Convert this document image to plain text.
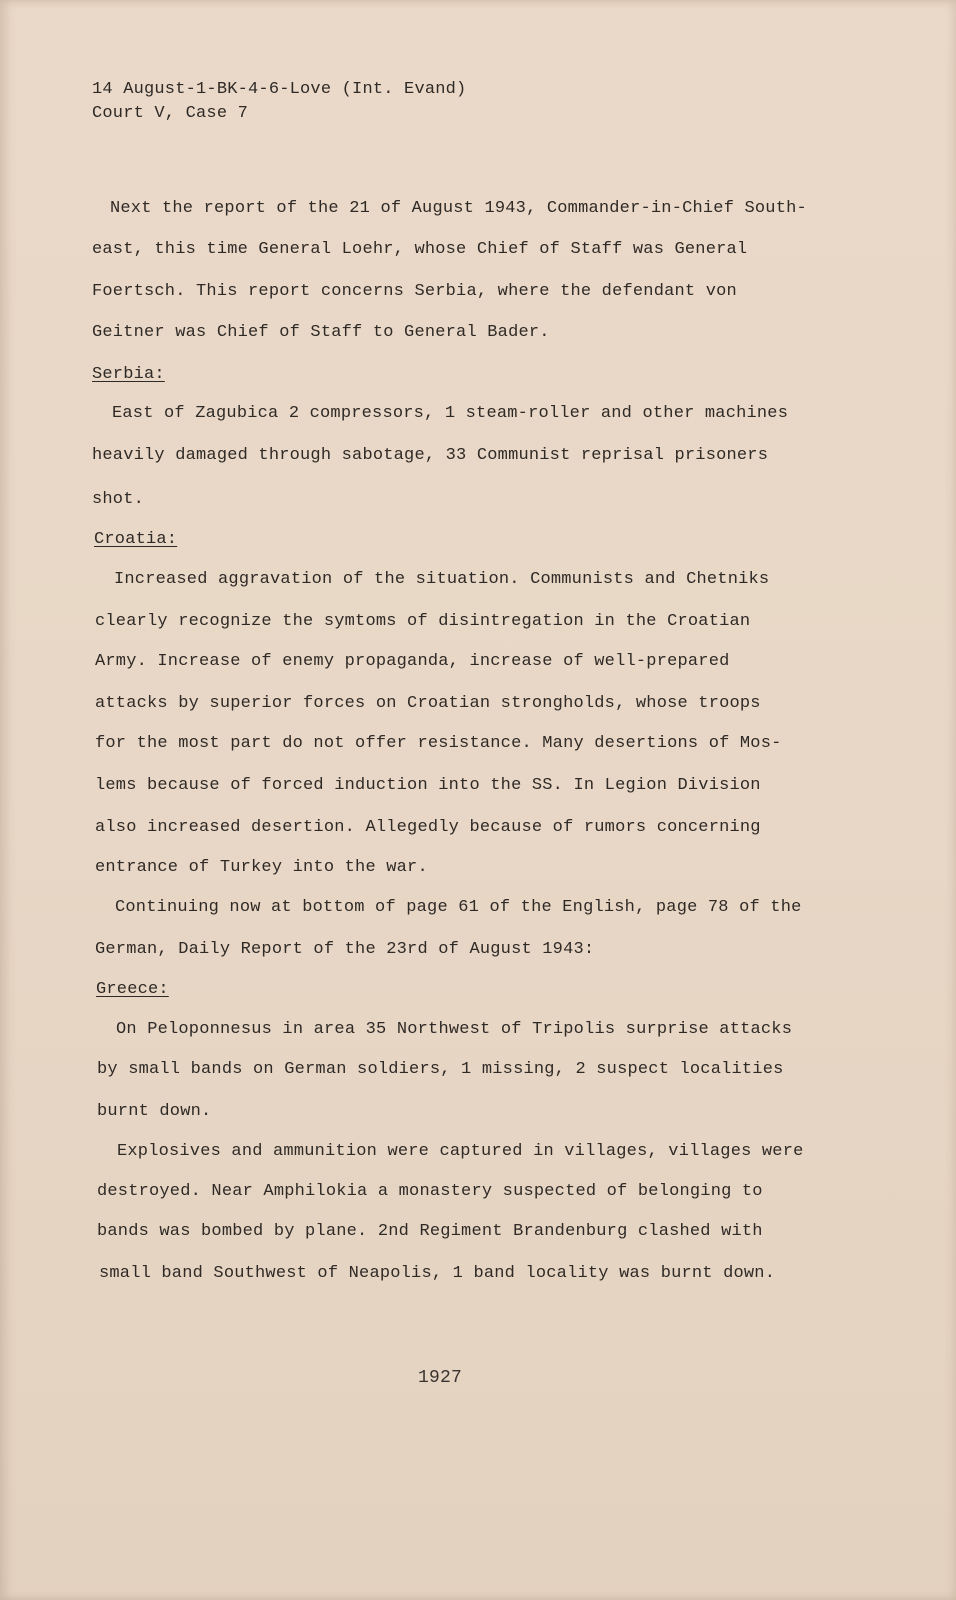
14 August-1-BK-4-6-Love (Int. Evand)
Court V, Case 7
Next the report of the 21 of August 1943, Commander-in-Chief South-
east, this time General Loehr, whose Chief of Staff was General
Foertsch. This report concerns Serbia, where the defendant von
Geitner was Chief of Staff to General Bader.
Serbia:
East of Zagubica 2 compressors, 1 steam-roller and other machines
heavily damaged through sabotage, 33 Communist reprisal prisoners
shot.
Croatia:
Increased aggravation of the situation. Communists and Chetniks
clearly recognize the symtoms of disintregation in the Croatian
Army. Increase of enemy propaganda, increase of well-prepared
attacks by superior forces on Croatian strongholds, whose troops
for the most part do not offer resistance. Many desertions of Mos-
lems because of forced induction into the SS. In Legion Division
also increased desertion. Allegedly because of rumors concerning
entrance of Turkey into the war.
Continuing now at bottom of page 61 of the English, page 78 of the
German, Daily Report of the 23rd of August 1943:
Greece:
On Peloponnesus in area 35 Northwest of Tripolis surprise attacks
by small bands on German soldiers, 1 missing, 2 suspect localities
burnt down.
Explosives and ammunition were captured in villages, villages were
destroyed. Near Amphilokia a monastery suspected of belonging to
bands was bombed by plane. 2nd Regiment Brandenburg clashed with
small band Southwest of Neapolis, 1 band locality was burnt down.
1927
